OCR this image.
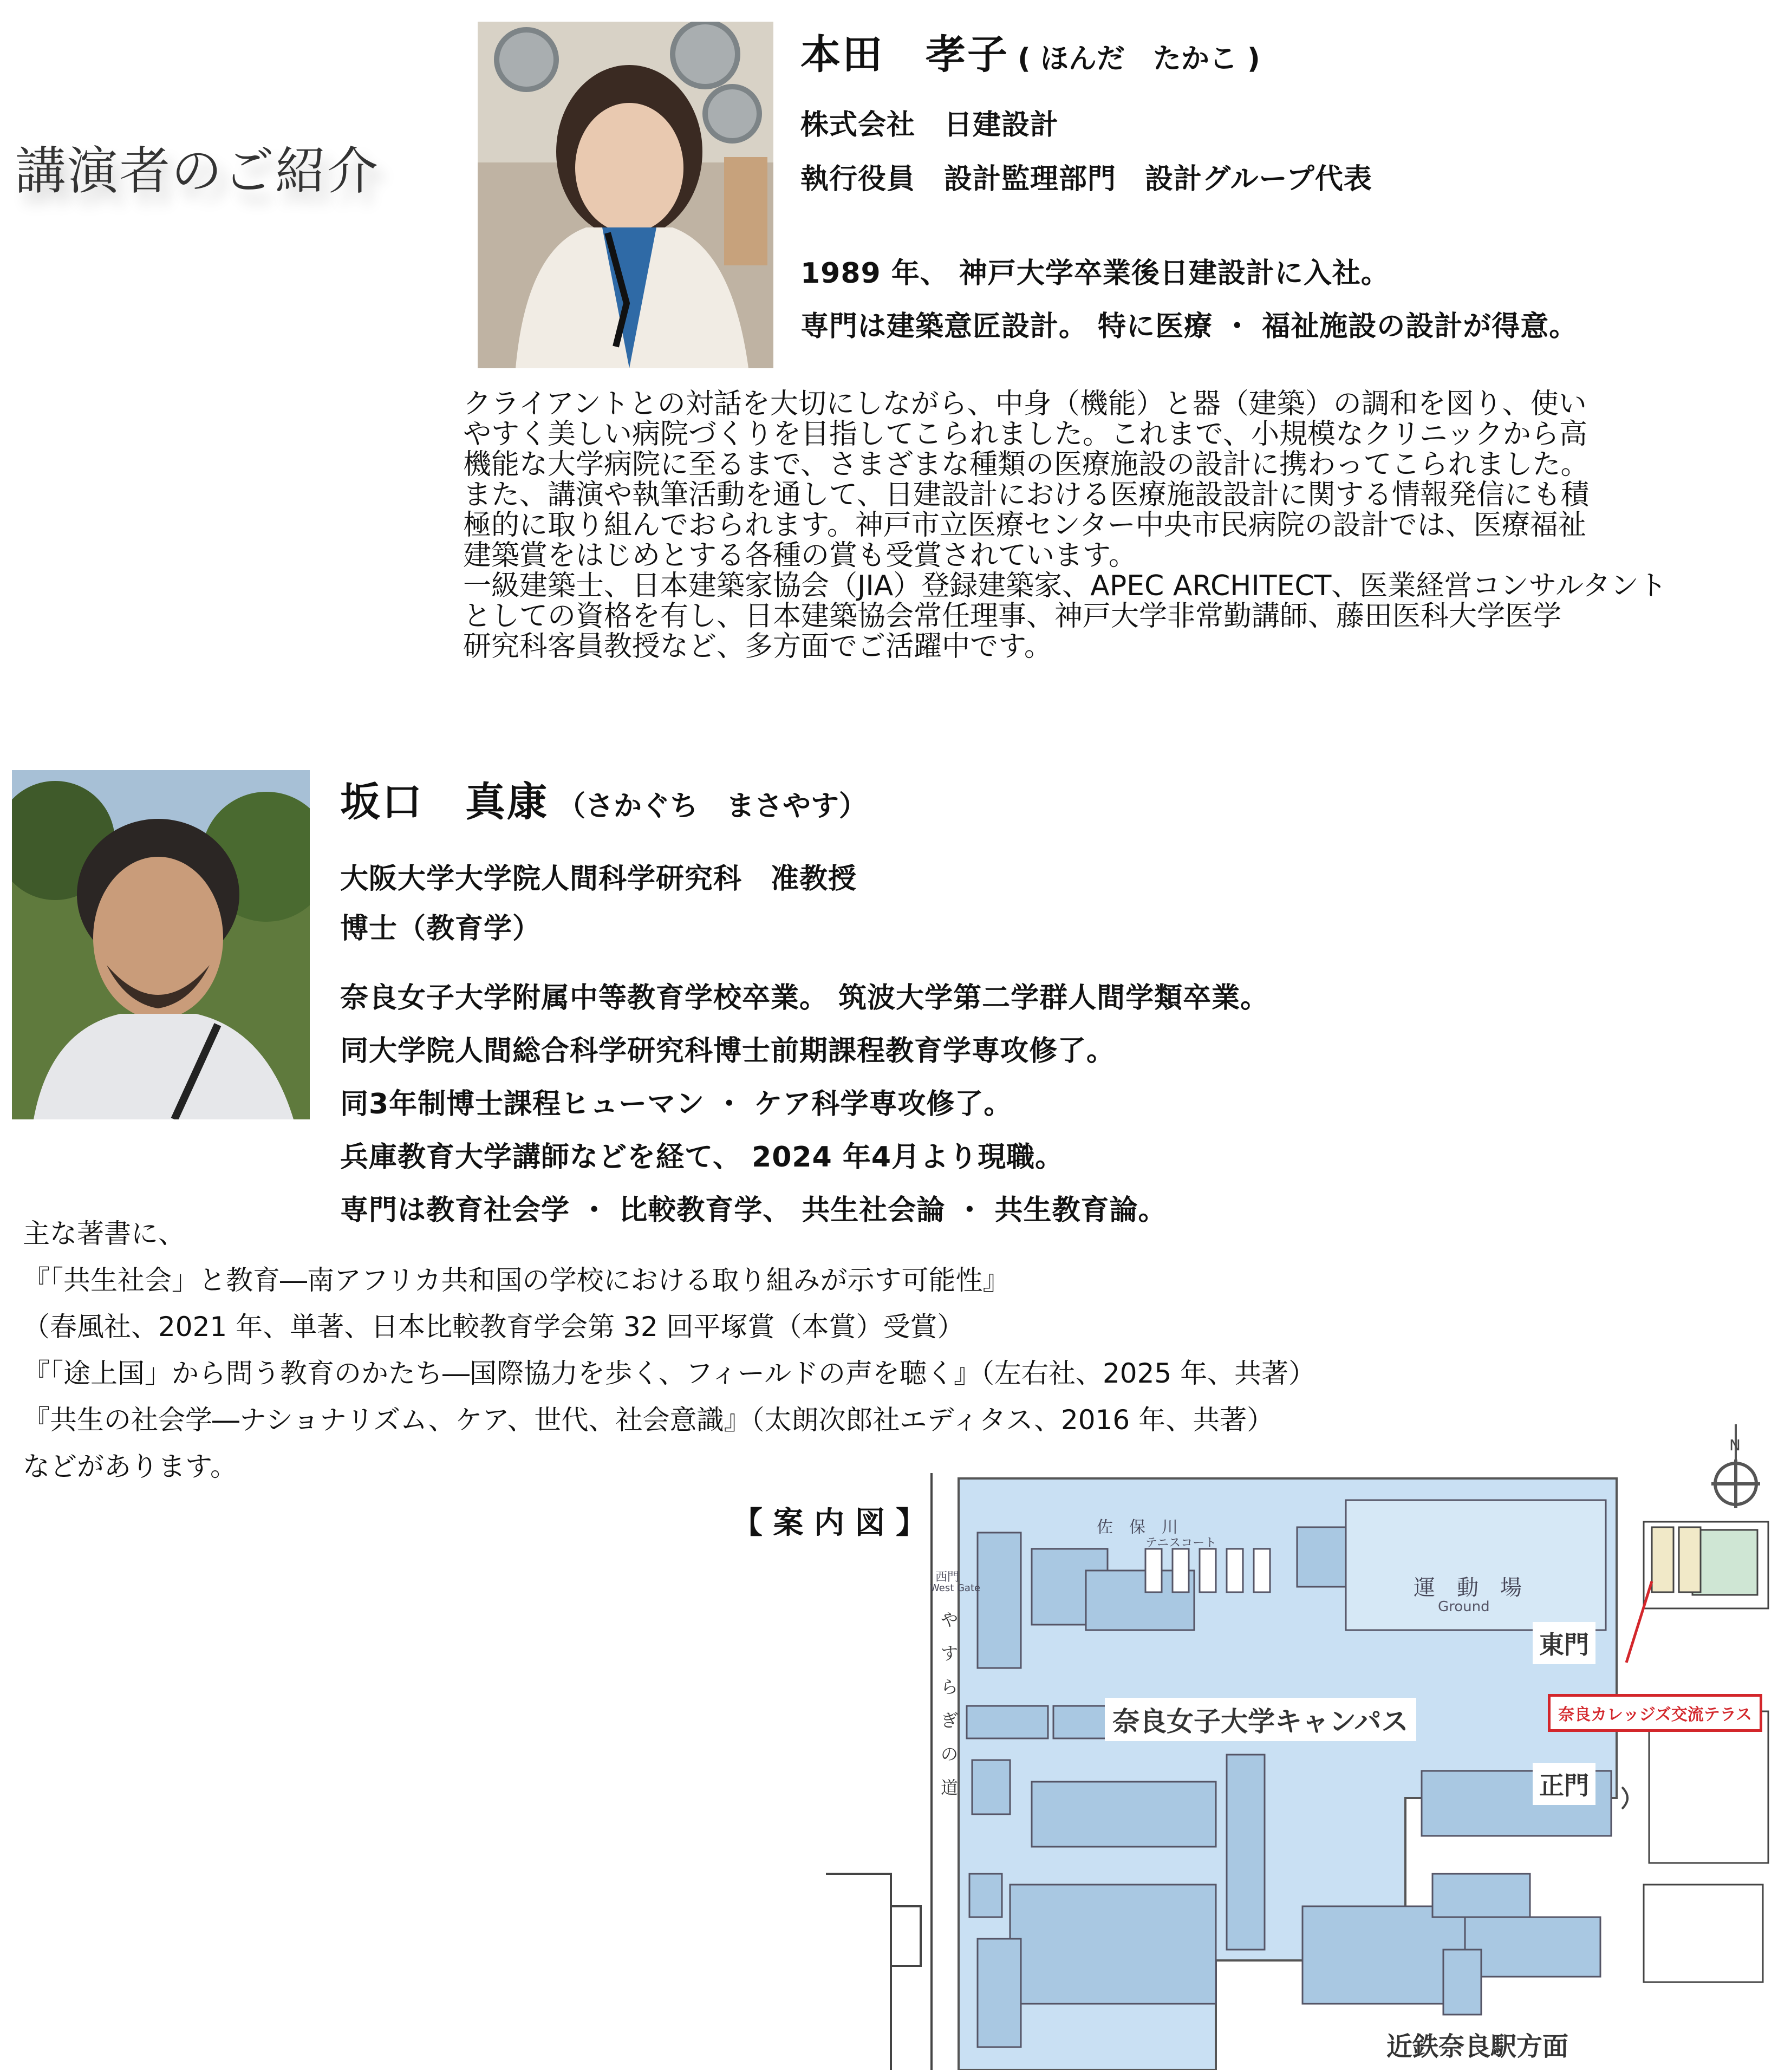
講演者のご紹介
本田　孝子 ( ほんだ　たかこ )
株式会社　日建設計
執行役員　設計監理部門　設計グループ代表
1989 年、 神戸大学卒業後日建設計に入社。
専門は建築意匠設計。 特に医療 ・ 福祉施設の設計が得意。
クライアントとの対話を大切にしながら、中身（機能）と器（建築）の調和を図り、使い
やすく美しい病院づくりを目指してこられました。これまで、小規模なクリニックから高
機能な大学病院に至るまで、さまざまな種類の医療施設の設計に携わってこられました。
また、講演や執筆活動を通して、日建設計における医療施設設計に関する情報発信にも積
極的に取り組んでおられます。神戸市立医療センター中央市民病院の設計では、医療福祉
建築賞をはじめとする各種の賞も受賞されています。
一級建築士、日本建築家協会（JIA）登録建築家、APEC ARCHITECT、医業経営コンサルタント
としての資格を有し、日本建築協会常任理事、神戸大学非常勤講師、藤田医科大学医学
研究科客員教授など、多方面でご活躍中です。
坂口　真康 （さかぐち　まさやす）
大阪大学大学院人間科学研究科　准教授
博士（教育学）
奈良女子大学附属中等教育学校卒業。 筑波大学第二学群人間学類卒業。
同大学院人間総合科学研究科博士前期課程教育学専攻修了。
同3年制博士課程ヒューマン ・ ケア科学専攻修了。
兵庫教育大学講師などを経て、 2024 年4月より現職。
専門は教育社会学 ・ 比較教育学、 共生社会論 ・ 共生教育論。
主な著書に、
『「共生社会」と教育―南アフリカ共和国の学校における取り組みが示す可能性』
（春風社、2021 年、単著、日本比較教育学会第 32 回平塚賞（本賞）受賞）
『「途上国」から問う教育のかたち―国際協力を歩く、フィールドの声を聴く』（左右社、2025 年、共著）
『共生の社会学―ナショナリズム、ケア、世代、社会意識』（太朗次郎社エディタス、2016 年、共著）
などがあります。
【 案 内 図 】
N
佐　保　川
テニスコート
運　動　場
Ground
西門
West Gate
やすらぎの道
奈良女子大学キャンパス
東門
正門
奈良カレッジズ交流テラス
近鉄奈良駅方面
